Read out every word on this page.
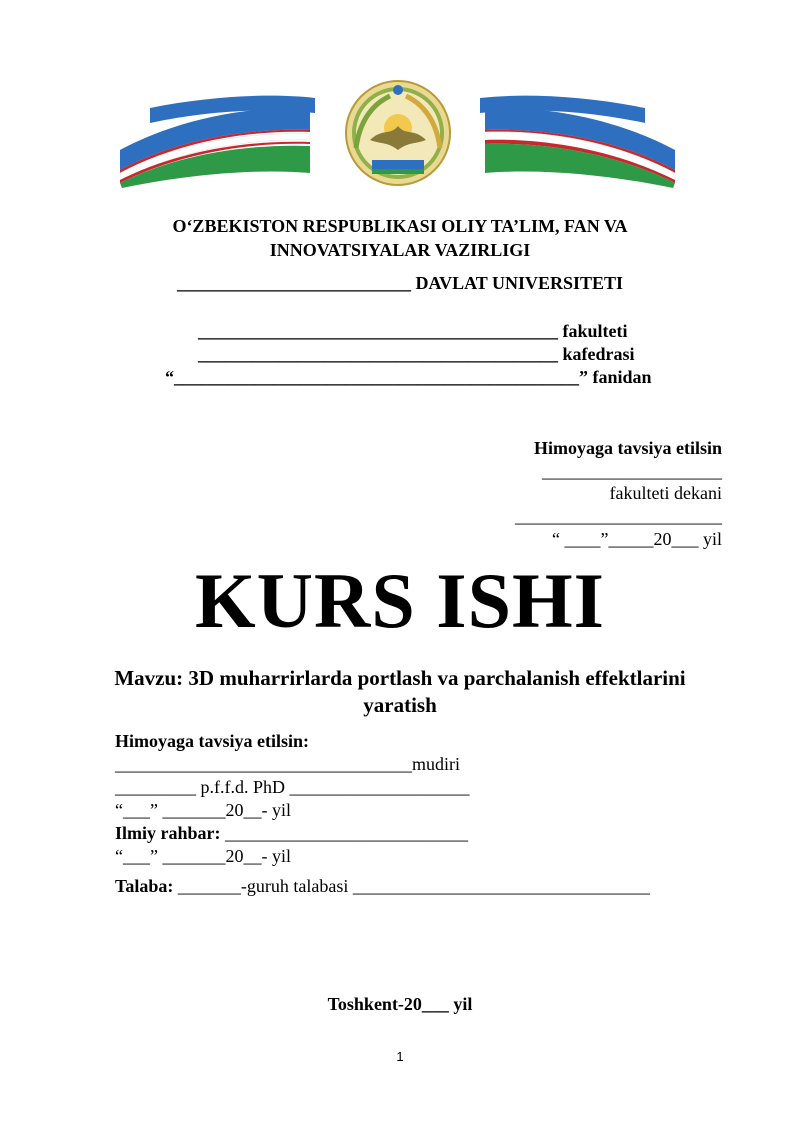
O‘ZBEKISTON RESPUBLIKASI OLIY TA’LIM, FAN VA
INNOVATSIYALAR VAZIRLIGI
__________________________ DAVLAT UNIVERSITETI
________________________________________ fakulteti
________________________________________ kafedrasi
“_____________________________________________” fanidan
Himoyaga tavsiya etilsin
____________________
fakulteti dekani
_______________________
“ ____”_____20___ yil
KURS ISHI
Mavzu: 3D muharrirlarda portlash va parchalanish effektlarini
yaratish
Himoyaga tavsiya etilsin:
_________________________________mudiri
_________ p.f.f.d. PhD ____________________
“___” _______20__- yil
Ilmiy rahbar: ___________________________
“___” _______20__- yil
Talaba: _______-guruh talabasi _________________________________
Toshkent-20___ yil
1
